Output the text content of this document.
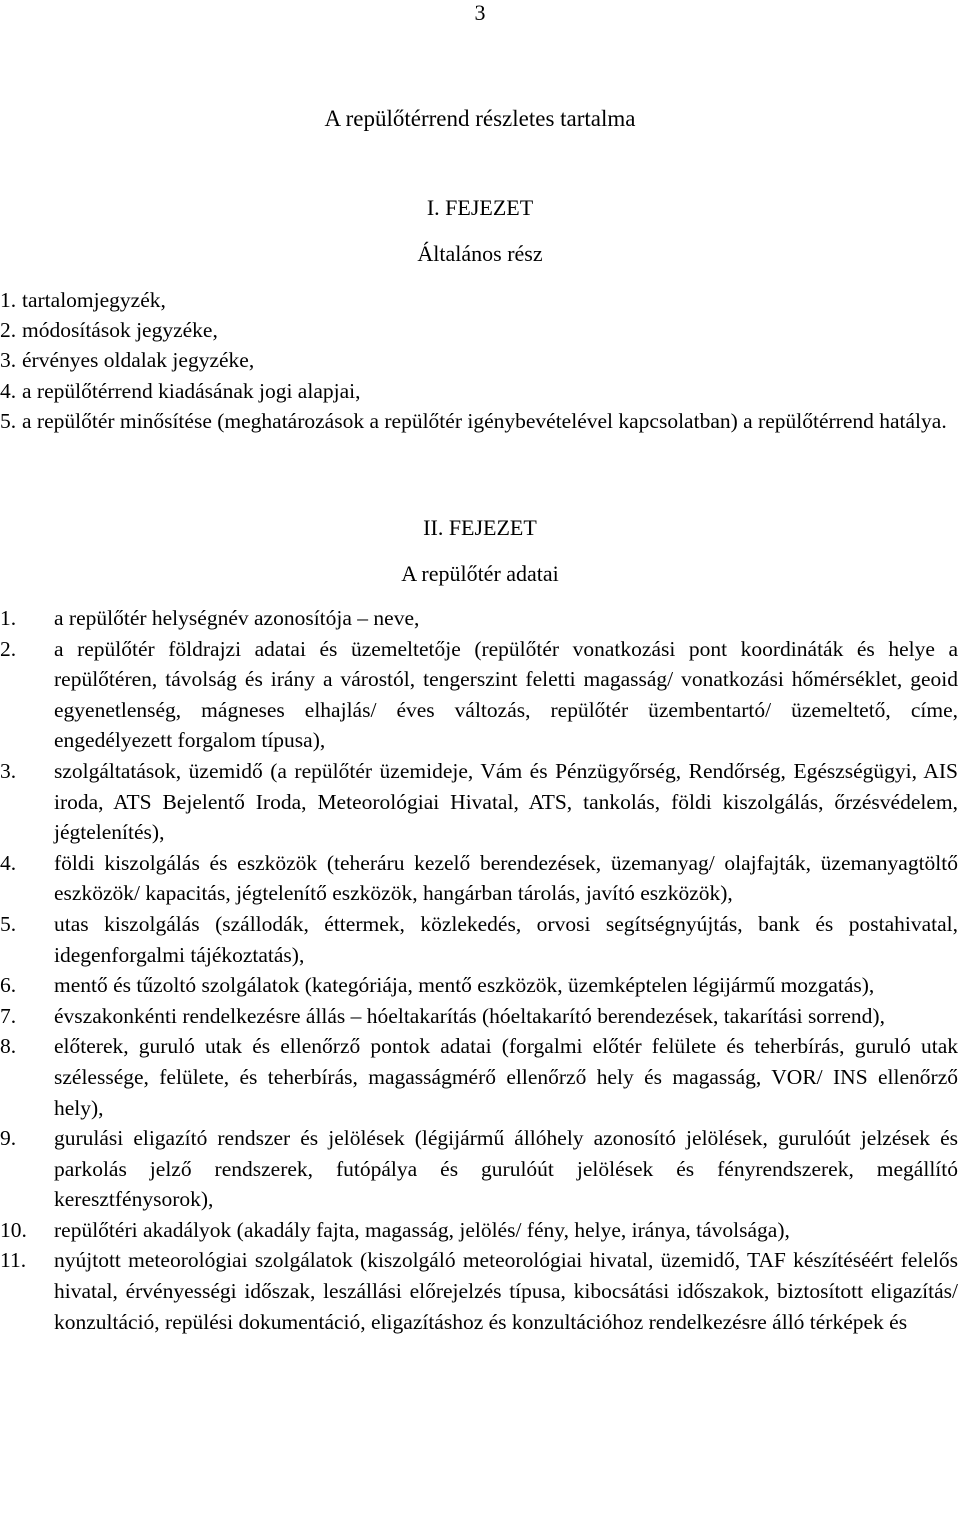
3
A repülőtérrend részletes tartalma
I. FEJEZET
Általános rész
1. tartalomjegyzék,
2. módosítások jegyzéke,
3. érvényes oldalak jegyzéke,
4. a repülőtérrend kiadásának jogi alapjai,
5. a repülőtér minősítése (meghatározások a repülőtér igénybevételével kapcsolatban) a repülőtérrend hatálya.
II. FEJEZET
A repülőtér adatai
1. a repülőtér helységnév azonosítója – neve,
2. a repülőtér földrajzi adatai és üzemeltetője (repülőtér vonatkozási pont koordináták és helye a repülőtéren, távolság és irány a várostól, tengerszint feletti magasság/ vonatkozási hőmérséklet, geoid egyenetlenség, mágneses elhajlás/ éves változás, repülőtér üzembentartó/ üzemeltető, címe, engedélyezett forgalom típusa),
3. szolgáltatások, üzemidő (a repülőtér üzemideje, Vám és Pénzügyőrség, Rendőrség, Egészségügyi, AIS iroda, ATS Bejelentő Iroda, Meteorológiai Hivatal, ATS, tankolás, földi kiszolgálás, őrzésvédelem, jégtelenítés),
4. földi kiszolgálás és eszközök (teheráru kezelő berendezések, üzemanyag/ olajfajták, üzemanyagtöltő eszközök/ kapacitás, jégtelenítő eszközök, hangárban tárolás, javító eszközök),
5. utas kiszolgálás (szállodák, éttermek, közlekedés, orvosi segítségnyújtás, bank és postahivatal, idegenforgalmi tájékoztatás),
6. mentő és tűzoltó szolgálatok (kategóriája, mentő eszközök, üzemképtelen légijármű mozgatás),
7. évszakonkénti rendelkezésre állás – hóeltakarítás (hóeltakarító berendezések, takarítási sorrend),
8. előterek, guruló utak és ellenőrző pontok adatai (forgalmi előtér felülete és teherbírás, guruló utak szélessége, felülete, és teherbírás, magasságmérő ellenőrző hely és magasság, VOR/ INS ellenőrző hely),
9. gurulási eligazító rendszer és jelölések (légijármű állóhely azonosító jelölések, gurulóút jelzések és parkolás jelző rendszerek, futópálya és gurulóút jelölések és fényrendszerek, megállító keresztfénysorok),
10. repülőtéri akadályok (akadály fajta, magasság, jelölés/ fény, helye, iránya, távolsága),
11. nyújtott meteorológiai szolgálatok (kiszolgáló meteorológiai hivatal, üzemidő, TAF készítéséért felelős hivatal, érvényességi időszak, leszállási előrejelzés típusa, kibocsátási időszakok, biztosított eligazítás/ konzultáció, repülési dokumentáció, eligazításhoz és konzultációhoz rendelkezésre álló térképek és
